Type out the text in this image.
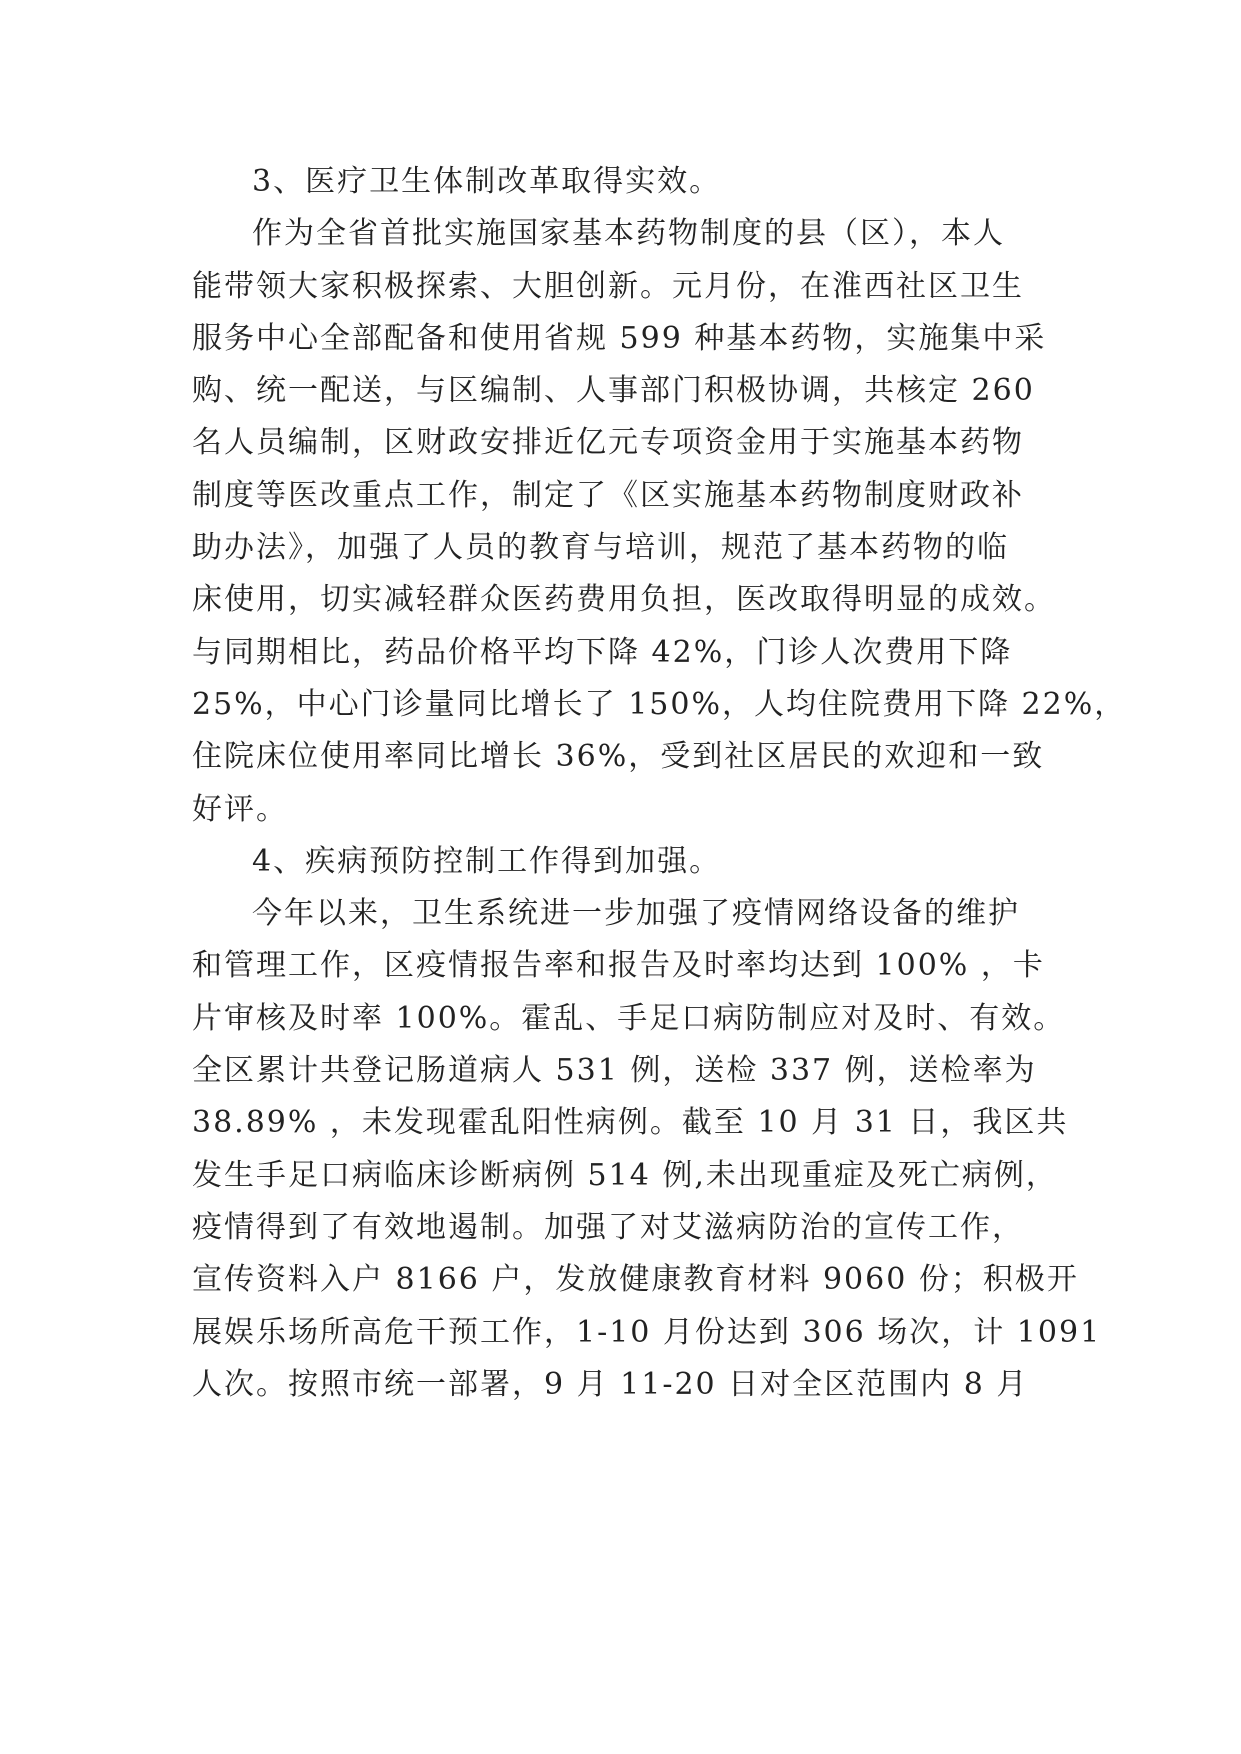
3、医疗卫生体制改革取得实效。

作为全省首批实施国家基本药物制度的县（区），本人
能带领大家积极探索、大胆创新。元月份，在淮西社区卫生
服务中心全部配备和使用省规 599 种基本药物，实施集中采
购、统一配送，与区编制、人事部门积极协调，共核定 260
名人员编制，区财政安排近亿元专项资金用于实施基本药物
制度等医改重点工作，制定了《区实施基本药物制度财政补
助办法》，加强了人员的教育与培训，规范了基本药物的临
床使用，切实减轻群众医药费用负担，医改取得明显的成效。
与同期相比，药品价格平均下降 42%，门诊人次费用下降
25%，中心门诊量同比增长了 150%，人均住院费用下降 22%，
住院床位使用率同比增长 36%，受到社区居民的欢迎和一致
好评。

4、疾病预防控制工作得到加强。

今年以来，卫生系统进一步加强了疫情网络设备的维护
和管理工作，区疫情报告率和报告及时率均达到 100% ，卡
片审核及时率 100%。霍乱、手足口病防制应对及时、有效。
全区累计共登记肠道病人 531 例，送检 337 例，送检率为
38.89% ，未发现霍乱阳性病例。截至 10 月 31 日，我区共
发生手足口病临床诊断病例 514 例,未出现重症及死亡病例，
疫情得到了有效地遏制。加强了对艾滋病防治的宣传工作，
宣传资料入户 8166 户，发放健康教育材料 9060 份；积极开
展娱乐场所高危干预工作，1-10 月份达到 306 场次，计 1091
人次。按照市统一部署，9 月 11-20 日对全区范围内 8 月
